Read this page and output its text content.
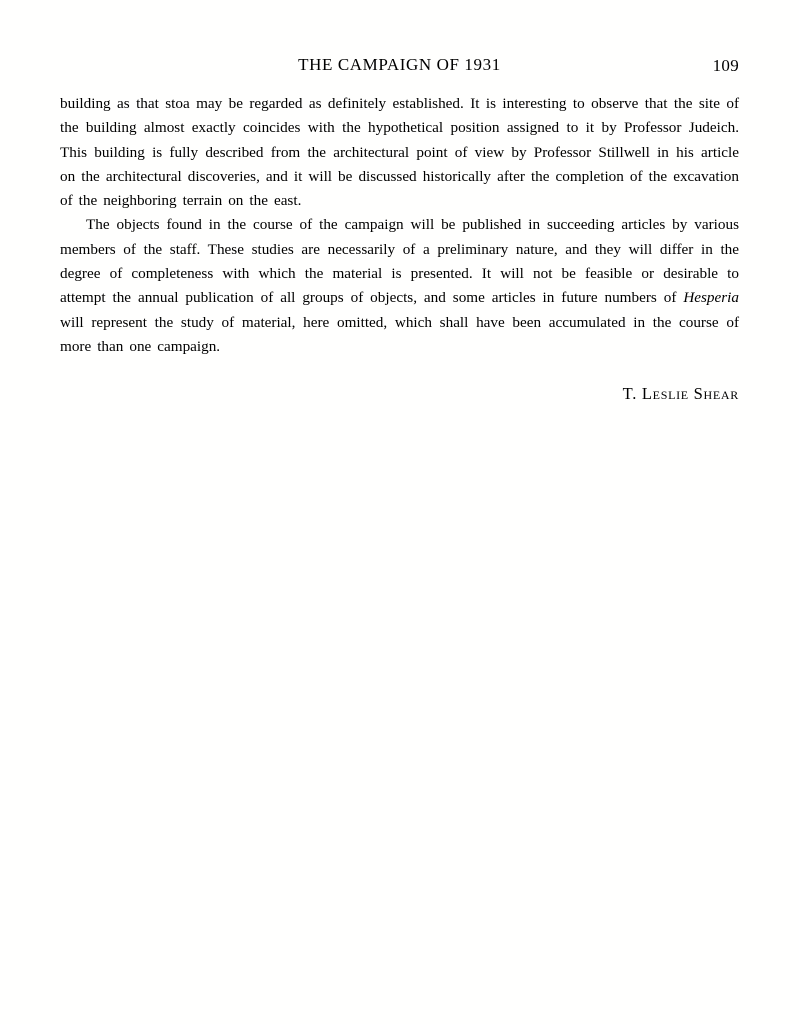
THE CAMPAIGN OF 1931	109

building as that stoa may be regarded as definitely established. It is interesting to observe that the site of the building almost exactly coincides with the hypothetical position assigned to it by Professor Judeich. This building is fully described from the architectural point of view by Professor Stillwell in his article on the architectural discoveries, and it will be discussed historically after the completion of the excavation of the neighboring terrain on the east.

The objects found in the course of the campaign will be published in succeeding articles by various members of the staff. These studies are necessarily of a preliminary nature, and they will differ in the degree of completeness with which the material is presented. It will not be feasible or desirable to attempt the annual publication of all groups of objects, and some articles in future numbers of Hesperia will represent the study of material, here omitted, which shall have been accumulated in the course of more than one campaign.

T. Leslie Shear
